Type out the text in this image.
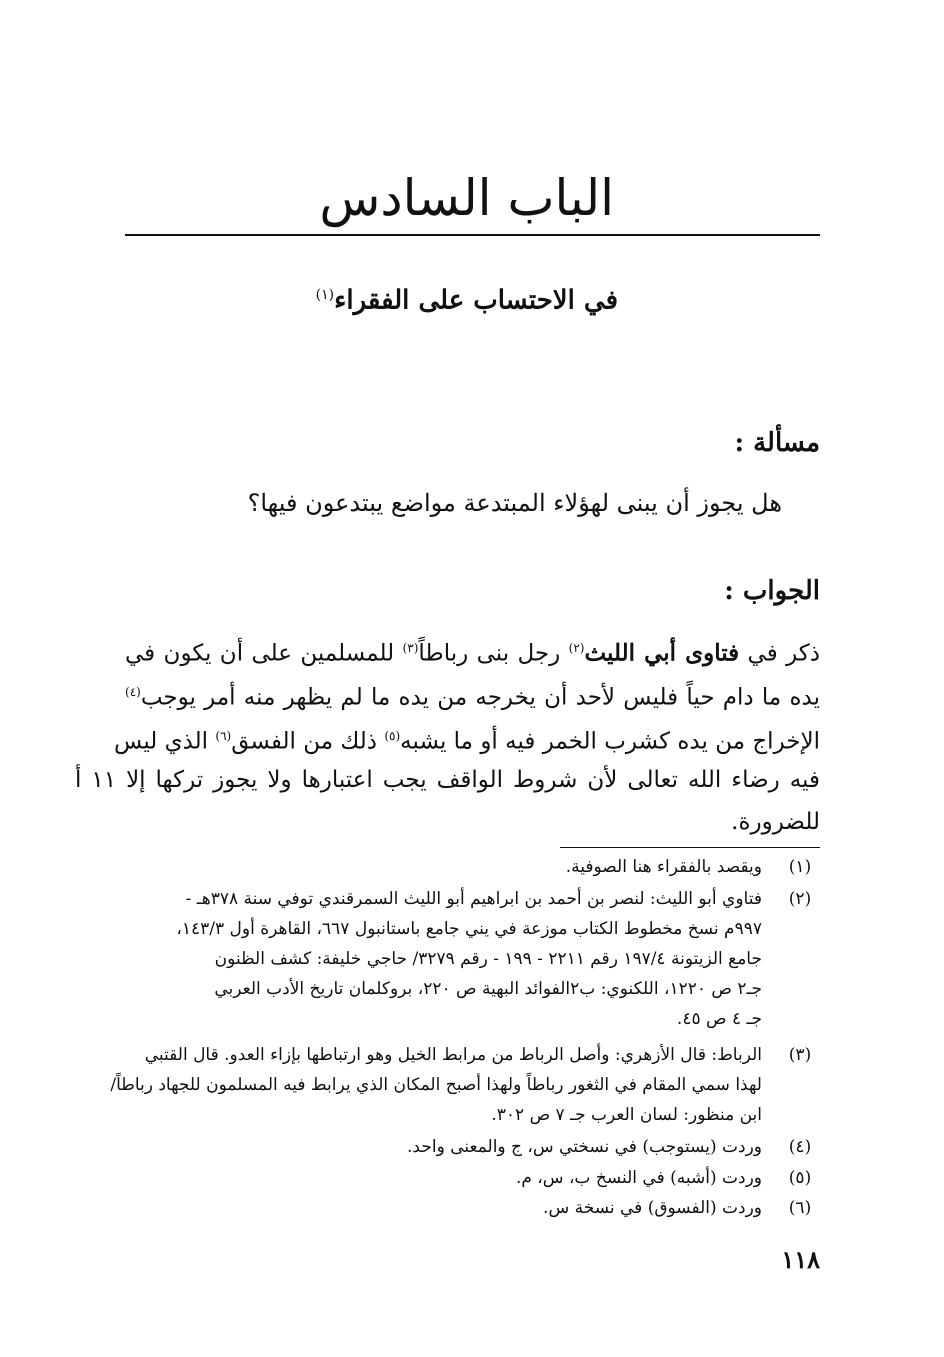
الباب السادس
في الاحتساب على الفقراء$^{(١)}$
مسألة :
هل يجوز أن يبنى لهؤلاء المبتدعة مواضع يبتدعون فيها؟
الجواب :
ذكر في فتاوى أبي الليث$^{(٢)}$ رجل بنى رباطاً$^{(٣)}$ للمسلمين على أن يكون في
يده ما دام حياً فليس لأحد أن يخرجه من يده ما لم يظهر منه أمر يوجب$^{(٤)}$
الإخراج من يده كشرب الخمر فيه أو ما يشبه$^{(٥)}$ ذلك من الفسق$^{(٦)}$ الذي ليس
فيه رضاء الله تعالى لأن شروط الواقف يجب اعتبارها ولا يجوز تركها إلا ١١ أ
للضرورة.
(١)
ويقصد بالفقراء هنا الصوفية.
(٢)
فتاوي أبو الليث: لنصر بن أحمد بن ابراهيم أبو الليث السمرقندي توفي سنة ٣٧٨هـ -
٩٩٧م نسخ مخطوط الكتاب موزعة في يني جامع باستانبول ٦٦٧، القاهرة أول ١٤٣/٣،
جامع الزيتونة ١٩٧/٤ رقم ٢٢١١ - ١٩٩ - رقم ٣٢٧٩/ حاجي خليفة: كشف الظنون
جـ٢ ص ١٢٢٠، اللكنوي: ب٢الفوائد البهية ص ٢٢٠، بروكلمان تاريخ الأدب العربي
جـ ٤ ص ٤٥.
(٣)
الرباط: قال الأزهري: وأصل الرباط من مرابط الخيل وهو ارتباطها بإزاء العدو. قال القتبي
لهذا سمي المقام في الثغور رباطاً ولهذا أصبح المكان الذي يرابط فيه المسلمون للجهاد رباطاً/
ابن منظور: لسان العرب جـ ٧ ص ٣٠٢.
(٤)
وردت (يستوجب) في نسختي س، ج والمعنى واحد.
(٥)
وردت (أشبه) في النسخ ب، س، م.
(٦)
وردت (الفسوق) في نسخة س.
١١٨
